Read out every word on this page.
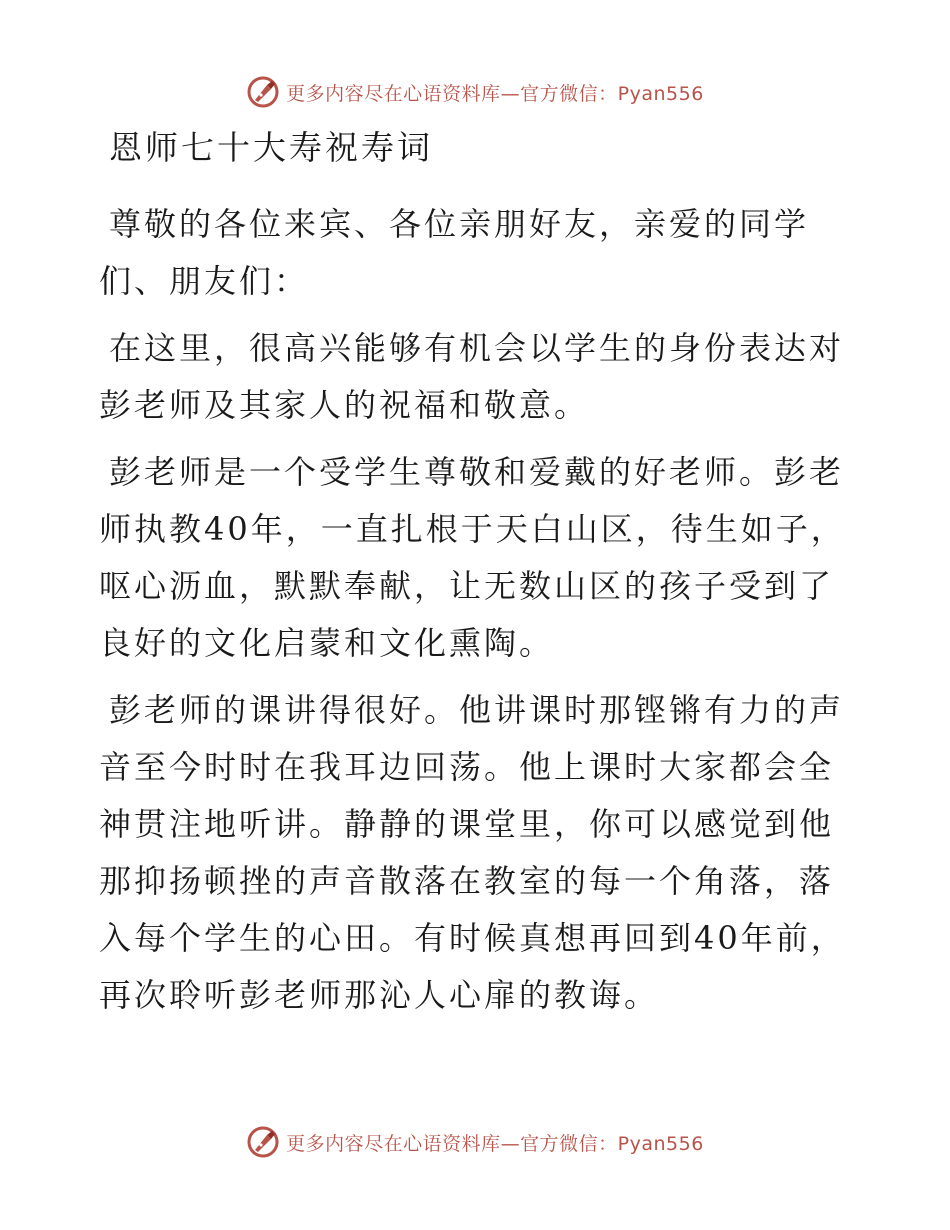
更多内容尽在心语资料库—官方微信：Pyan556
恩师七十大寿祝寿词

尊敬的各位来宾、各位亲朋好友，亲爱的同学们、朋友们：

在这里，很高兴能够有机会以学生的身份表达对彭老师及其家人的祝福和敬意。

彭老师是一个受学生尊敬和爱戴的好老师。彭老师执教40年，一直扎根于天白山区，待生如子，呕心沥血，默默奉献，让无数山区的孩子受到了良好的文化启蒙和文化熏陶。

彭老师的课讲得很好。他讲课时那铿锵有力的声音至今时时在我耳边回荡。他上课时大家都会全神贯注地听讲。静静的课堂里，你可以感觉到他那抑扬顿挫的声音散落在教室的每一个角落，落入每个学生的心田。有时候真想再回到40年前，再次聆听彭老师那沁人心扉的教诲。

更多内容尽在心语资料库—官方微信：Pyan556
